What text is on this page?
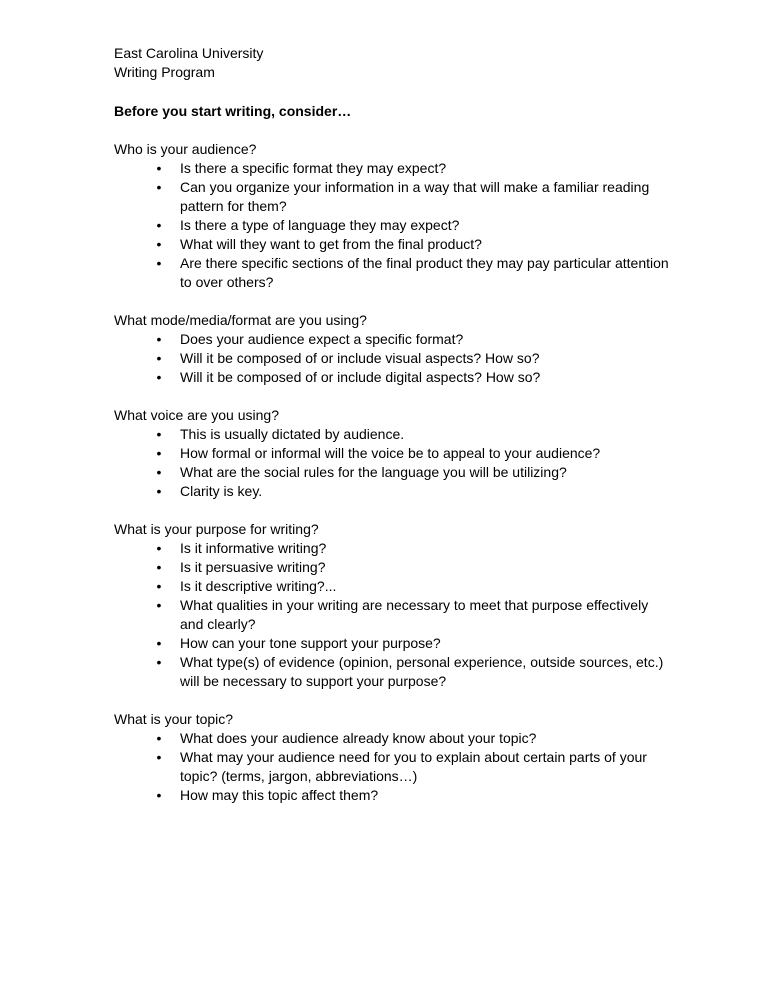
East Carolina University

Writing Program

Before you start writing, consider…

Who is your audience?

• Is there a specific format they may expect?
• Can you organize your information in a way that will make a familiar reading pattern for them?
• Is there a type of language they may expect?
• What will they want to get from the final product?
• Are there specific sections of the final product they may pay particular attention to over others?

What mode/media/format are you using?

• Does your audience expect a specific format?
• Will it be composed of or include visual aspects? How so?
• Will it be composed of or include digital aspects? How so?

What voice are you using?

• This is usually dictated by audience.
• How formal or informal will the voice be to appeal to your audience?
• What are the social rules for the language you will be utilizing?
• Clarity is key.

What is your purpose for writing?

• Is it informative writing?
• Is it persuasive writing?
• Is it descriptive writing?...
• What qualities in your writing are necessary to meet that purpose effectively and clearly?
• How can your tone support your purpose?
• What type(s) of evidence (opinion, personal experience, outside sources, etc.) will be necessary to support your purpose?

What is your topic?

• What does your audience already know about your topic?
• What may your audience need for you to explain about certain parts of your topic? (terms, jargon, abbreviations…)
• How may this topic affect them?
